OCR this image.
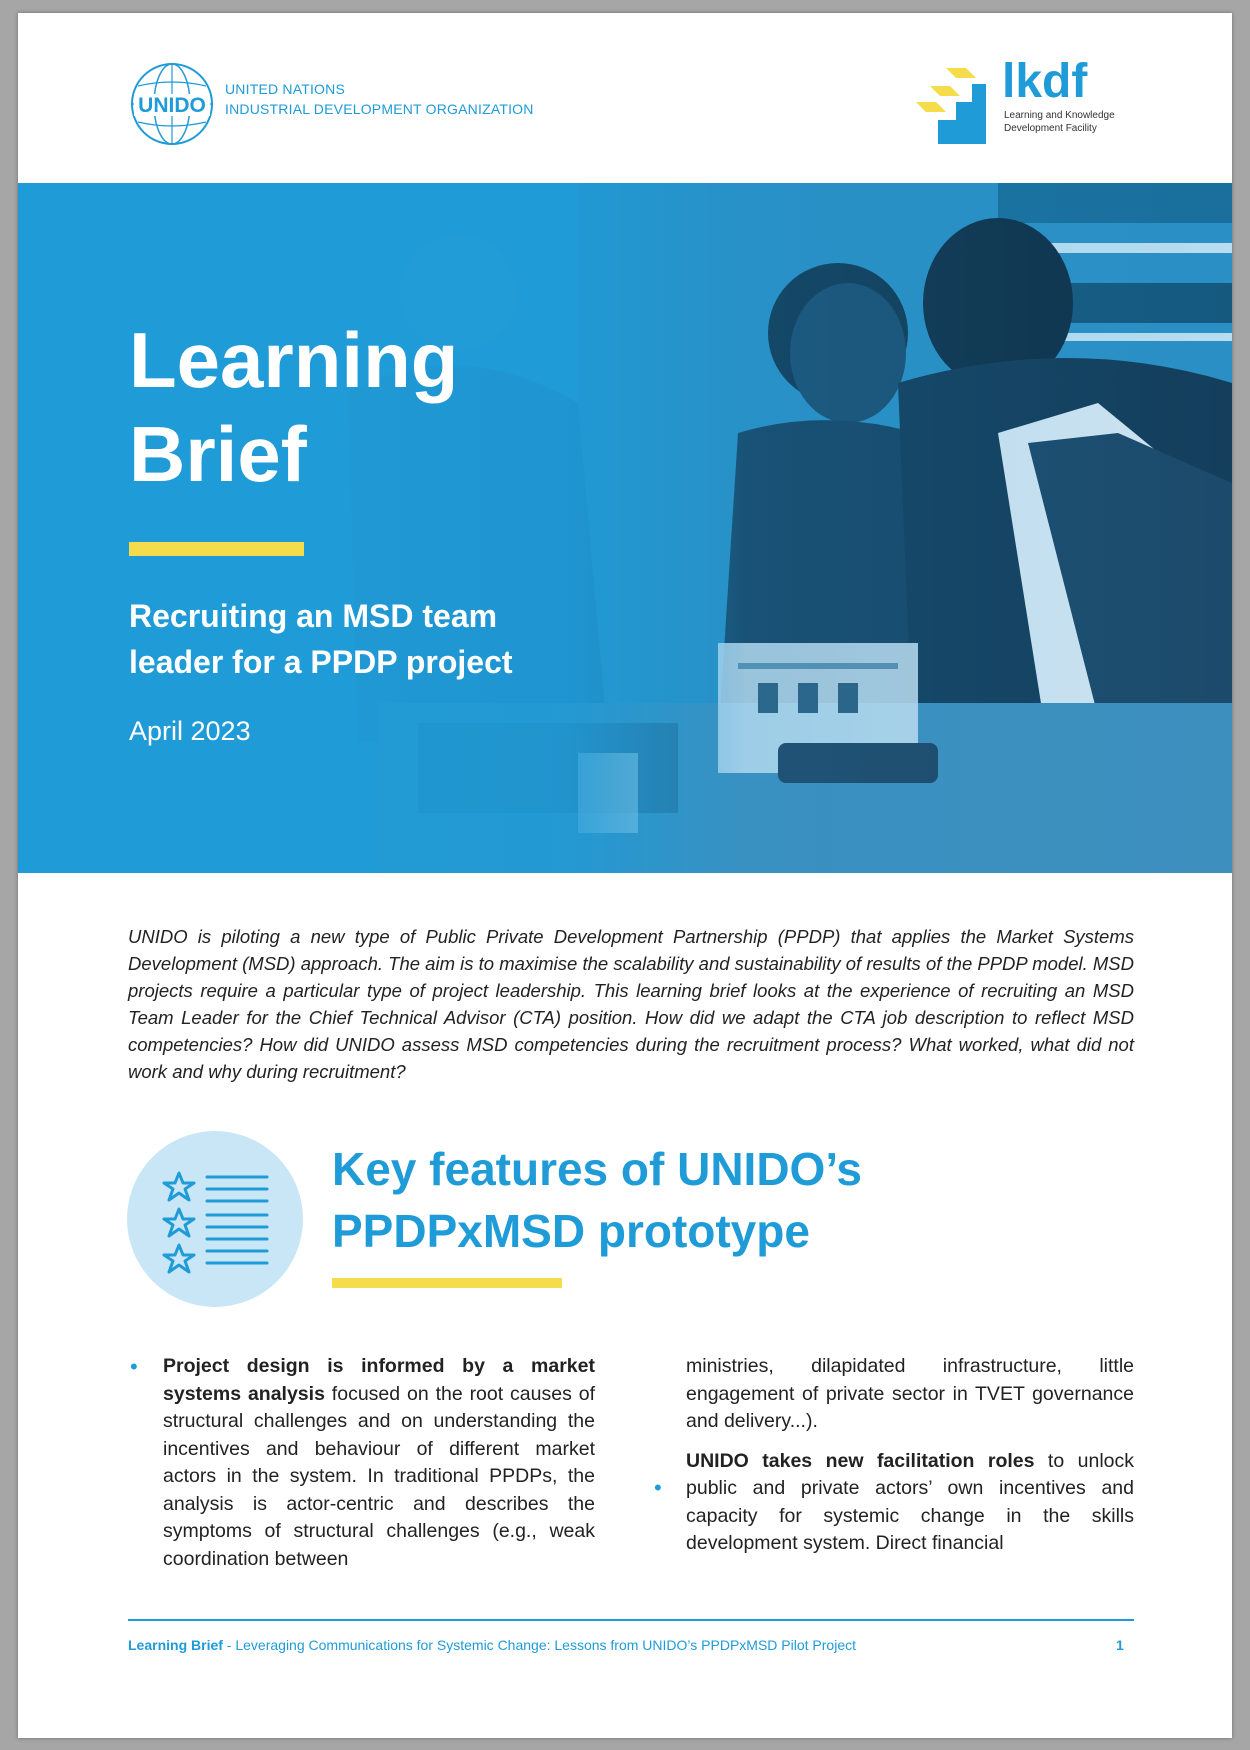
UNIDO
UNITED NATIONS
INDUSTRIAL DEVELOPMENT ORGANIZATION
lkdf
Learning and Knowledge Development Facility
Learning
Brief
Recruiting an MSD team
leader for a PPDP project
April 2023
UNIDO is piloting a new type of Public Private Development Partnership (PPDP) that applies the Market Systems Development (MSD) approach. The aim is to maximise the scalability and sustainability of results of the PPDP model. MSD projects require a particular type of project leadership. This learning brief looks at the experience of recruiting an MSD Team Leader for the Chief Technical Advisor (CTA) position. How did we adapt the CTA job description to reflect MSD competencies? How did UNIDO assess MSD competencies during the recruitment process? What worked, what did not work and why during recruitment?
Key features of UNIDO’s
PPDPxMSD prototype
• Project design is informed by a market systems analysis focused on the root causes of structural challenges and on understanding the incentives and behaviour of different market actors in the system. In traditional PPDPs, the analysis is actor-centric and describes the symptoms of structural challenges (e.g., weak coordination between
ministries, dilapidated infrastructure, little engagement of private sector in TVET governance and delivery...).
UNIDO takes new facilitation roles to unlock public and private actors’ own incentives and capacity for systemic change in the skills development system. Direct financial
•
Learning Brief - Leveraging Communications for Systemic Change: Lessons from UNIDO’s PPDPxMSD Pilot Project	1
